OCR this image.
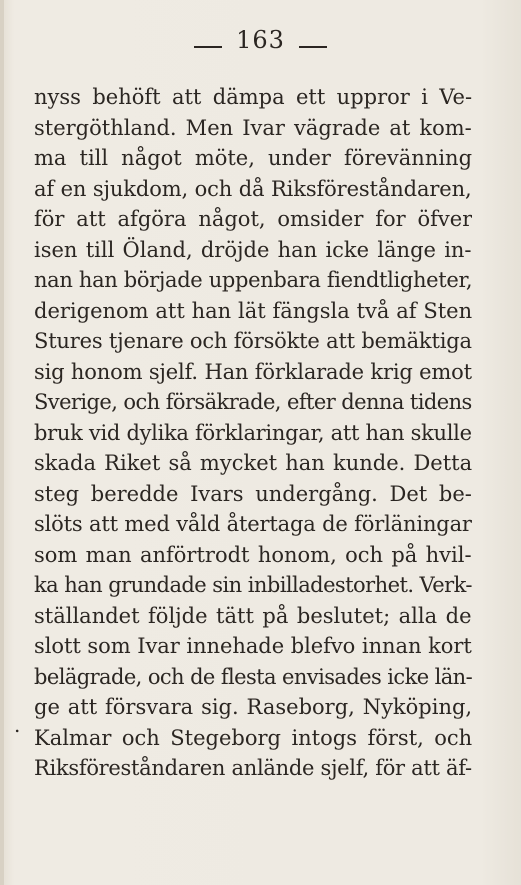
163
nyss behöft att dämpa ett uppror i Ve-
stergöthland. Men Ivar vägrade at kom-
ma till något möte, under förevänning
af en sjukdom, och då Riksföreståndaren,
för att afgöra något, omsider for öfver
isen till Öland, dröjde han icke länge in-
nan han började uppenbara fiendtligheter,
derigenom att han lät fängsla två af Sten
Stures tjenare och försökte att bemäktiga
sig honom sjelf. Han förklarade krig emot
Sverige, och försäkrade, efter denna tidens
bruk vid dylika förklaringar, att han skulle
skada Riket så mycket han kunde. Detta
steg beredde Ivars undergång. Det be-
slöts att med våld återtaga de förläningar
som man anförtrodt honom, och på hvil-
ka han grundade sin inbilladestorhet. Verk-
ställandet följde tätt på beslutet; alla de
slott som Ivar innehade blefvo innan kort
belägrade, och de flesta envisades icke län-
ge att försvara sig. Raseborg, Nyköping,
Kalmar och Stegeborg intogs först, och
Riksföreståndaren anlände sjelf, för att äf-
.
